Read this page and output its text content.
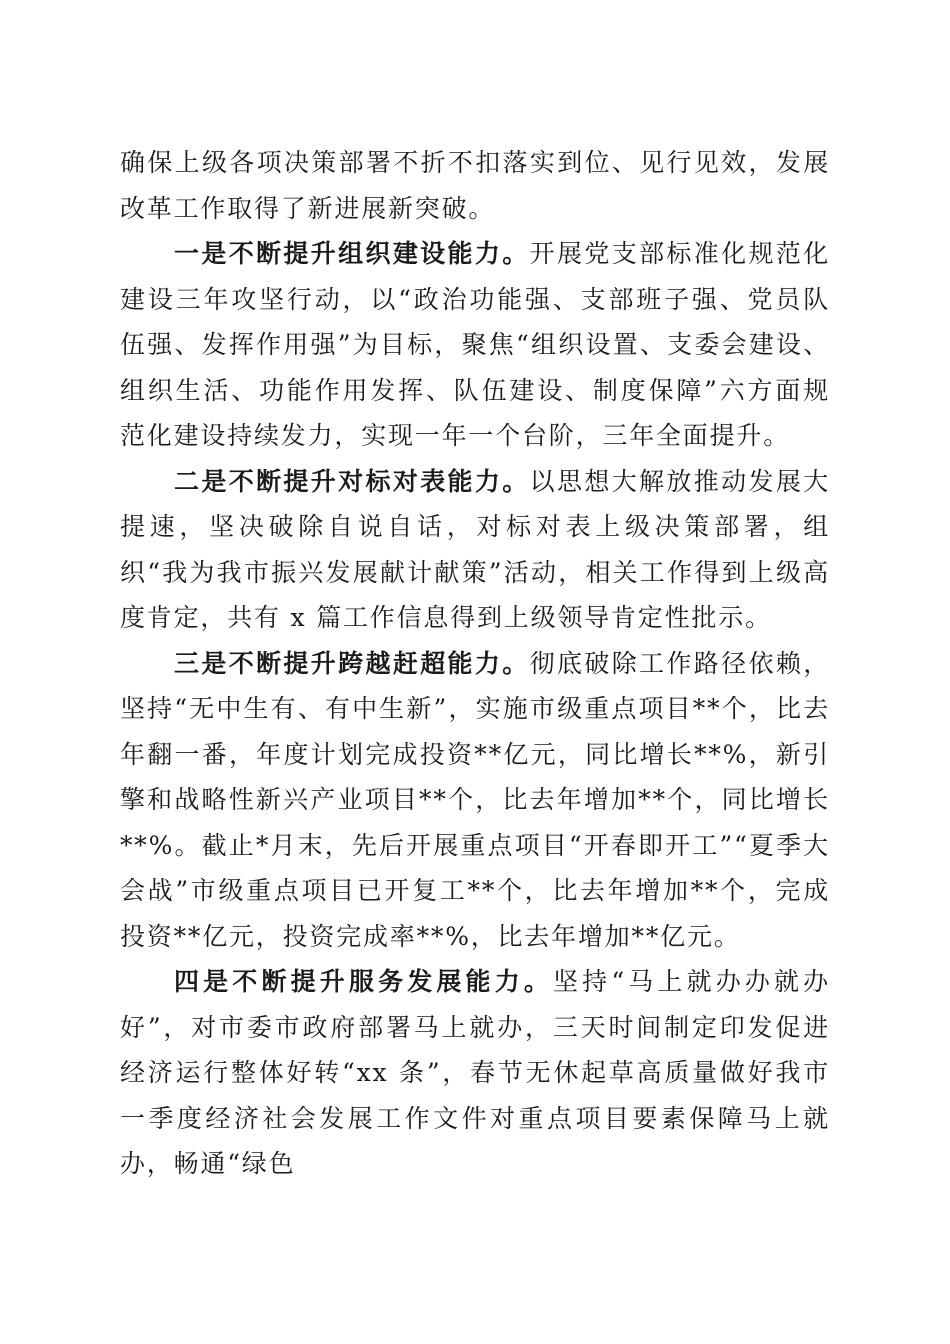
确保上级各项决策部署不折不扣落实到位、见行见效，发展改革工作取得了新进展新突破。

一是不断提升组织建设能力。开展党支部标准化规范化建设三年攻坚行动，以“政治功能强、支部班子强、党员队伍强、发挥作用强”为目标，聚焦“组织设置、支委会建设、组织生活、功能作用发挥、队伍建设、制度保障”六方面规范化建设持续发力，实现一年一个台阶，三年全面提升。

二是不断提升对标对表能力。以思想大解放推动发展大提速，坚决破除自说自话，对标对表上级决策部署，组织“我为我市振兴发展献计献策”活动，相关工作得到上级高度肯定，共有 x 篇工作信息得到上级领导肯定性批示。

三是不断提升跨越赶超能力。彻底破除工作路径依赖，坚持“无中生有、有中生新”，实施市级重点项目**个，比去年翻一番，年度计划完成投资**亿元，同比增长**%，新引擎和战略性新兴产业项目**个，比去年增加**个，同比增长**%。截止*月末，先后开展重点项目“开春即开工”“夏季大会战”市级重点项目已开复工**个，比去年增加**个，完成投资**亿元，投资完成率**%，比去年增加**亿元。

四是不断提升服务发展能力。坚持“马上就办办就办好”，对市委市政府部署马上就办，三天时间制定印发促进经济运行整体好转“xx 条”，春节无休起草高质量做好我市一季度经济社会发展工作文件对重点项目要素保障马上就办，畅通“绿色
